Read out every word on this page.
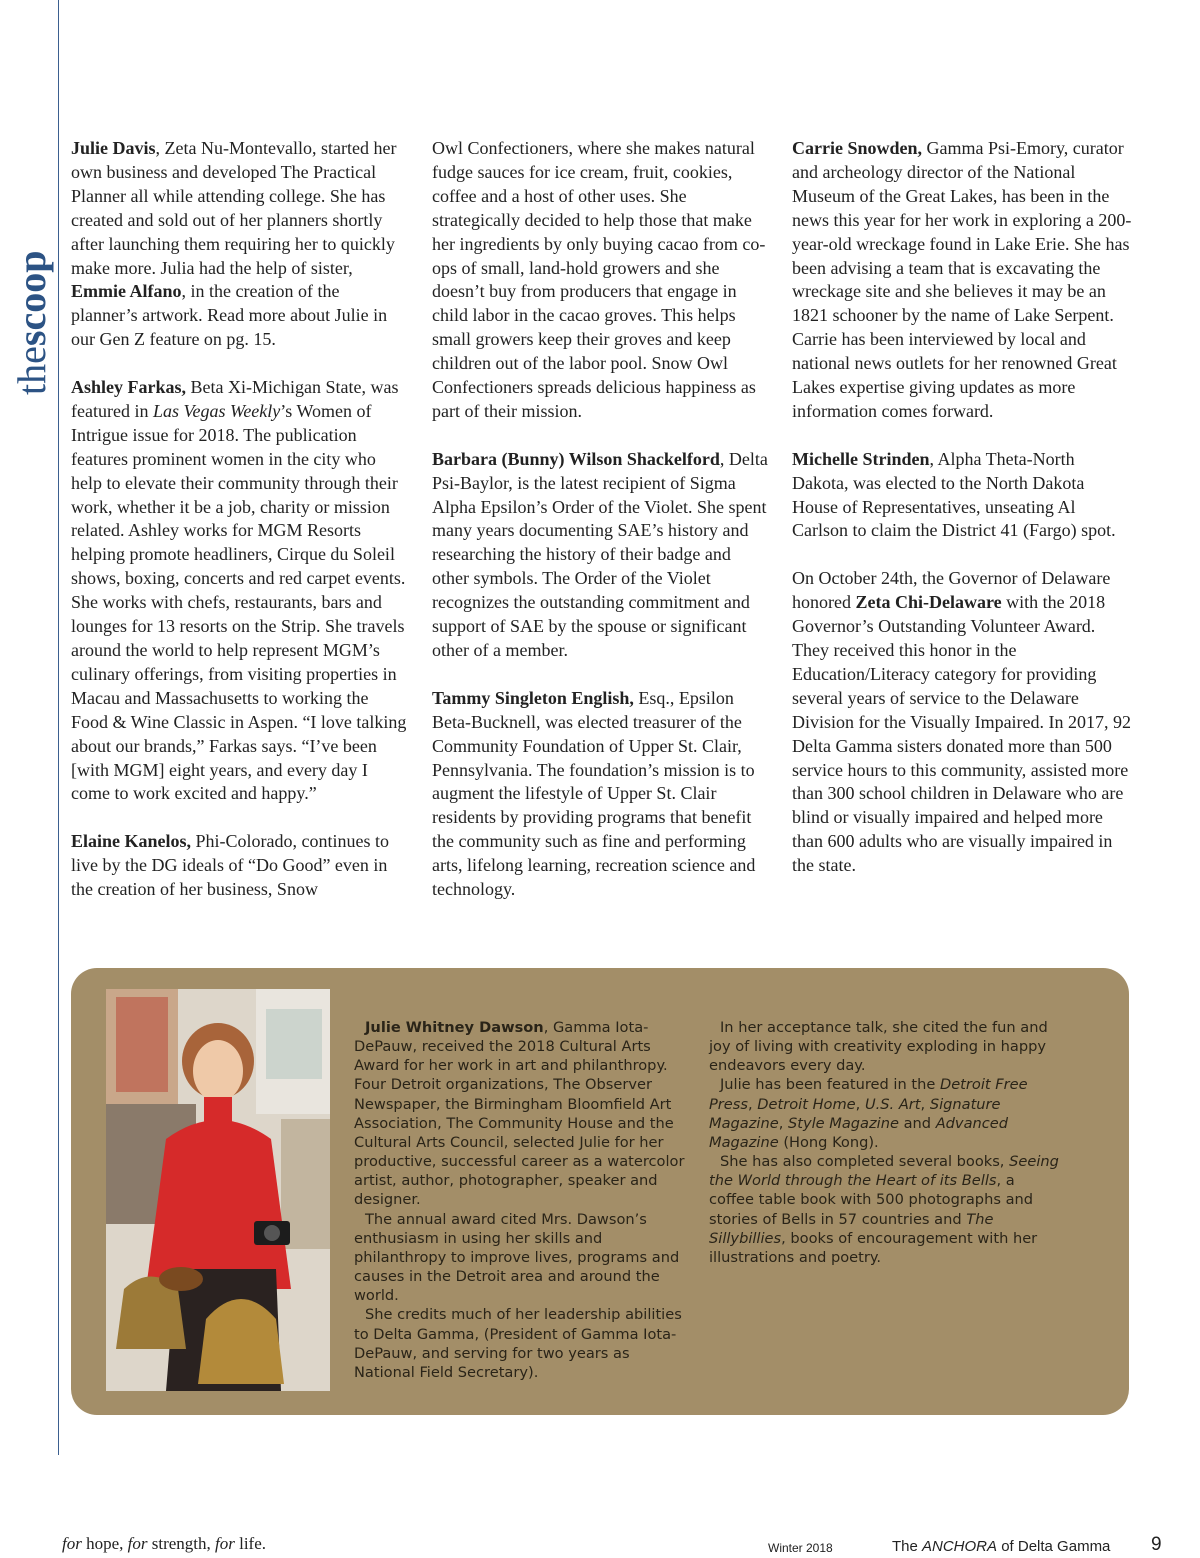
thescoop

Julie Davis, Zeta Nu-Montevallo, started her own business and developed The Practical Planner all while attending college. She has created and sold out of her planners shortly after launching them requiring her to quickly make more. Julia had the help of sister, Emmie Alfano, in the creation of the planner’s artwork. Read more about Julie in our Gen Z feature on pg. 15.

Ashley Farkas, Beta Xi-Michigan State, was featured in Las Vegas Weekly’s Women of Intrigue issue for 2018. The publication features prominent women in the city who help to elevate their community through their work, whether it be a job, charity or mission related. Ashley works for MGM Resorts helping promote headliners, Cirque du Soleil shows, boxing, concerts and red carpet events. She works with chefs, restaurants, bars and lounges for 13 resorts on the Strip. She travels around the world to help represent MGM’s culinary offerings, from visiting properties in Macau and Massachusetts to working the Food & Wine Classic in Aspen. “I love talking about our brands,” Farkas says. “I’ve been [with MGM] eight years, and every day I come to work excited and happy.”

Elaine Kanelos, Phi-Colorado, continues to live by the DG ideals of “Do Good” even in the creation of her business, Snow

Owl Confectioners, where she makes natural fudge sauces for ice cream, fruit, cookies, coffee and a host of other uses. She strategically decided to help those that make her ingredients by only buying cacao from co-ops of small, land-hold growers and she doesn’t buy from producers that engage in child labor in the cacao groves. This helps small growers keep their groves and keep children out of the labor pool. Snow Owl Confectioners spreads delicious happiness as part of their mission.

Barbara (Bunny) Wilson Shackelford, Delta Psi-Baylor, is the latest recipient of Sigma Alpha Epsilon’s Order of the Violet. She spent many years documenting SAE’s history and researching the history of their badge and other symbols. The Order of the Violet recognizes the outstanding commitment and support of SAE by the spouse or significant other of a member.

Tammy Singleton English, Esq., Epsilon Beta-Bucknell, was elected treasurer of the Community Foundation of Upper St. Clair, Pennsylvania. The foundation’s mission is to augment the lifestyle of Upper St. Clair residents by providing programs that benefit the community such as fine and performing arts, lifelong learning, recreation science and technology.

Carrie Snowden, Gamma Psi-Emory, curator and archeology director of the National Museum of the Great Lakes, has been in the news this year for her work in exploring a 200-year-old wreckage found in Lake Erie. She has been advising a team that is excavating the wreckage site and she believes it may be an 1821 schooner by the name of Lake Serpent. Carrie has been interviewed by local and national news outlets for her renowned Great Lakes expertise giving updates as more information comes forward.

Michelle Strinden, Alpha Theta-North Dakota, was elected to the North Dakota House of Representatives, unseating Al Carlson to claim the District 41 (Fargo) spot.

On October 24th, the Governor of Delaware honored Zeta Chi-Delaware with the 2018 Governor’s Outstanding Volunteer Award. They received this honor in the Education/Literacy category for providing several years of service to the Delaware Division for the Visually Impaired. In 2017, 92 Delta Gamma sisters donated more than 500 service hours to this community, assisted more than 300 school children in Delaware who are blind or visually impaired and helped more than 600 adults who are visually impaired in the state.

Julie Whitney Dawson, Gamma Iota-DePauw, received the 2018 Cultural Arts Award for her work in art and philanthropy. Four Detroit organizations, The Observer Newspaper, the Birmingham Bloomfield Art Association, The Community House and the Cultural Arts Council, selected Julie for her productive, successful career as a watercolor artist, author, photographer, speaker and designer.

The annual award cited Mrs. Dawson’s enthusiasm in using her skills and philanthropy to improve lives, programs and causes in the Detroit area and around the world.

She credits much of her leadership abilities to Delta Gamma, (President of Gamma Iota-DePauw, and serving for two years as National Field Secretary).

In her acceptance talk, she cited the fun and joy of living with creativity exploding in happy endeavors every day.

Julie has been featured in the Detroit Free Press, Detroit Home, U.S. Art, Signature Magazine, Style Magazine and Advanced Magazine (Hong Kong).

She has also completed several books, Seeing the World through the Heart of its Bells, a coffee table book with 500 photographs and stories of Bells in 57 countries and The Sillybillies, books of encouragement with her illustrations and poetry.

for hope, for strength, for life.	Winter 2018	The ANCHORA of Delta Gamma 9
